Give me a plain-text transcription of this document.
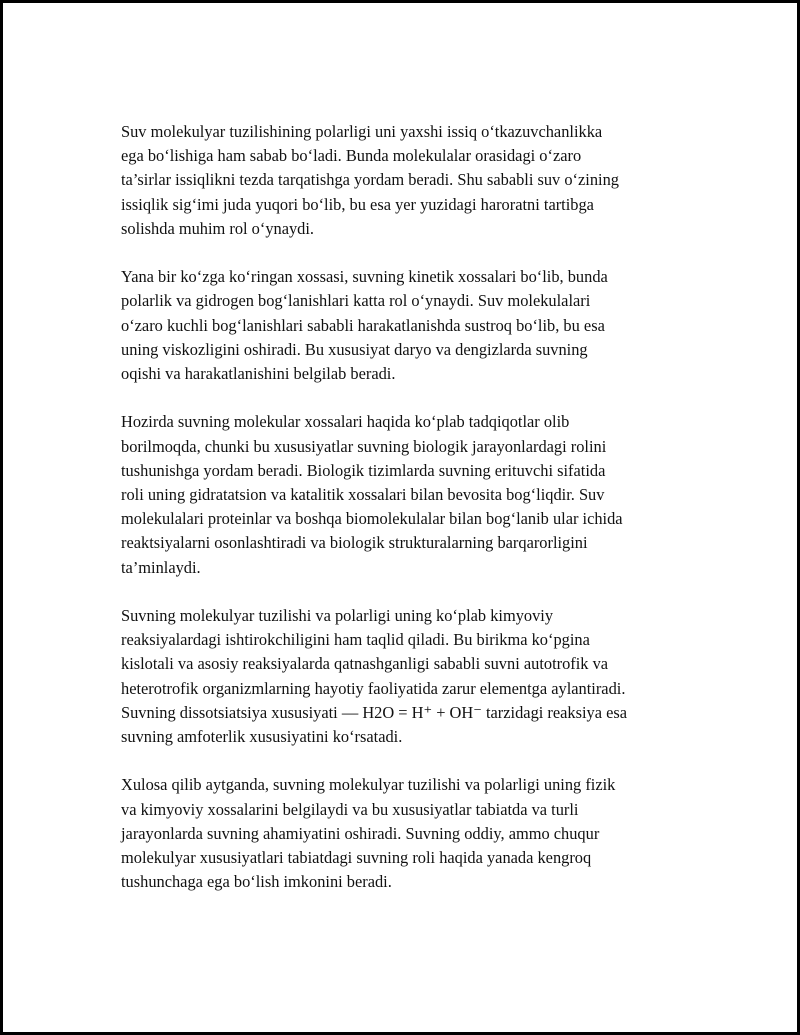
Suv molekulyar tuzilishining polarligi uni yaxshi issiq o‘tkazuvchanlikka
ega bo‘lishiga ham sabab bo‘ladi. Bunda molekulalar orasidagi o‘zaro
ta’sirlar issiqlikni tezda tarqatishga yordam beradi. Shu sababli suv o‘zining
issiqlik sig‘imi juda yuqori bo‘lib, bu esa yer yuzidagi haroratni tartibga
solishda muhim rol o‘ynaydi.

Yana bir ko‘zga ko‘ringan xossasi, suvning kinetik xossalari bo‘lib, bunda
polarlik va gidrogen bog‘lanishlari katta rol o‘ynaydi. Suv molekulalari
o‘zaro kuchli bog‘lanishlari sababli harakatlanishda sustroq bo‘lib, bu esa
uning viskozligini oshiradi. Bu xususiyat daryo va dengizlarda suvning
oqishi va harakatlanishini belgilab beradi.

Hozirda suvning molekular xossalari haqida ko‘plab tadqiqotlar olib
borilmoqda, chunki bu xususiyatlar suvning biologik jarayonlardagi rolini
tushunishga yordam beradi. Biologik tizimlarda suvning erituvchi sifatida
roli uning gidratatsion va katalitik xossalari bilan bevosita bog‘liqdir. Suv
molekulalari proteinlar va boshqa biomolekulalar bilan bog‘lanib ular ichida
reaktsiyalarni osonlashtiradi va biologik strukturalarning barqarorligini
ta’minlaydi.

Suvning molekulyar tuzilishi va polarligi uning ko‘plab kimyoviy
reaksiyalardagi ishtirokchiligini ham taqlid qiladi. Bu birikma ko‘pgina
kislotali va asosiy reaksiyalarda qatnashganligi sababli suvni autotrofik va
heterotrofik organizmlarning hayotiy faoliyatida zarur elementga aylantiradi.
Suvning dissotsiatsiya xususiyati — H2O = H⁺ + OH⁻ tarzidagi reaksiya esa
suvning amfoterlik xususiyatini ko‘rsatadi.

Xulosa qilib aytganda, suvning molekulyar tuzilishi va polarligi uning fizik
va kimyoviy xossalarini belgilaydi va bu xususiyatlar tabiatda va turli
jarayonlarda suvning ahamiyatini oshiradi. Suvning oddiy, ammo chuqur
molekulyar xususiyatlari tabiatdagi suvning roli haqida yanada kengroq
tushunchaga ega bo‘lish imkonini beradi.
